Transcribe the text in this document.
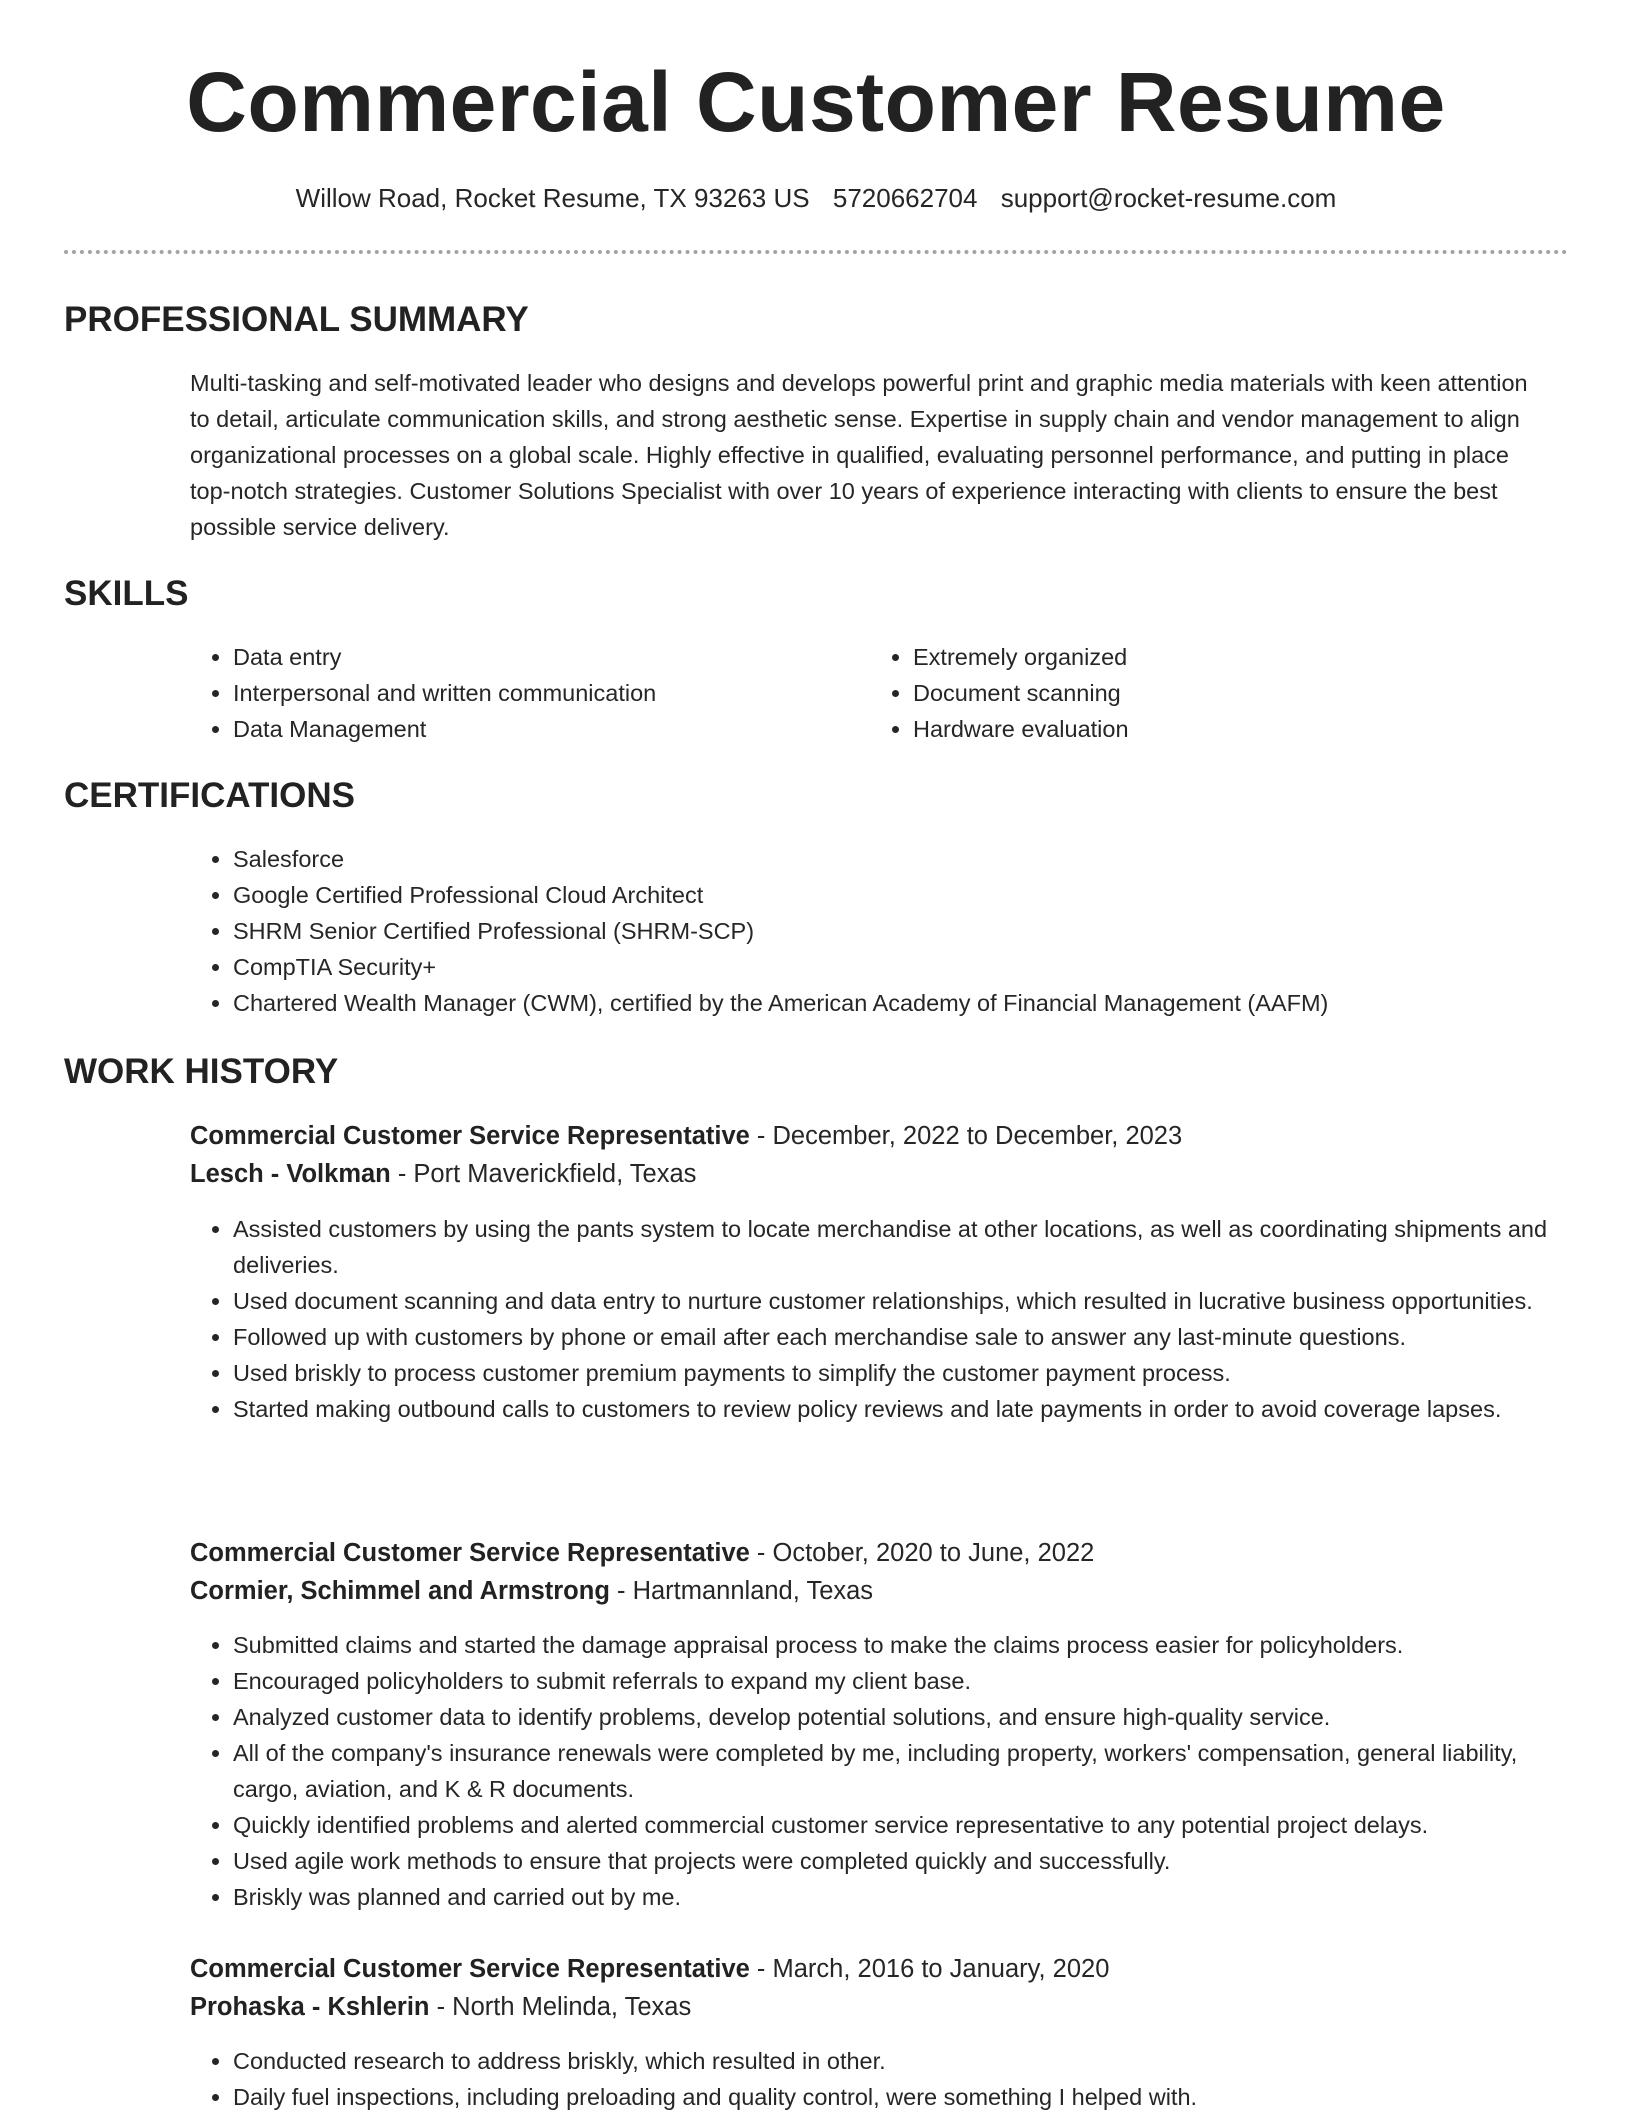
Commercial Customer Resume
Willow Road, Rocket Resume, TX 93263 US 5720662704 support@rocket-resume.com
PROFESSIONAL SUMMARY

Multi-tasking and self-motivated leader who designs and develops powerful print and graphic media materials with keen attention to detail, articulate communication skills, and strong aesthetic sense. Expertise in supply chain and vendor management to align organizational processes on a global scale. Highly effective in qualified, evaluating personnel performance, and putting in place top-notch strategies. Customer Solutions Specialist with over 10 years of experience interacting with clients to ensure the best possible service delivery.

SKILLS
• Data entry
• Interpersonal and written communication
• Data Management
• Extremely organized
• Document scanning
• Hardware evaluation
CERTIFICATIONS
• Salesforce
• Google Certified Professional Cloud Architect
• SHRM Senior Certified Professional (SHRM-SCP)
• CompTIA Security+
• Chartered Wealth Manager (CWM), certified by the American Academy of Financial Management (AAFM)
WORK HISTORY
Commercial Customer Service Representative - December, 2022 to December, 2023
Lesch - Volkman - Port Maverickfield, Texas
• Assisted customers by using the pants system to locate merchandise at other locations, as well as coordinating shipments and deliveries.
• Used document scanning and data entry to nurture customer relationships, which resulted in lucrative business opportunities.
• Followed up with customers by phone or email after each merchandise sale to answer any last-minute questions.
• Used briskly to process customer premium payments to simplify the customer payment process.
• Started making outbound calls to customers to review policy reviews and late payments in order to avoid coverage lapses.
Commercial Customer Service Representative - October, 2020 to June, 2022
Cormier, Schimmel and Armstrong - Hartmannland, Texas
• Submitted claims and started the damage appraisal process to make the claims process easier for policyholders.
• Encouraged policyholders to submit referrals to expand my client base.
• Analyzed customer data to identify problems, develop potential solutions, and ensure high-quality service.
• All of the company's insurance renewals were completed by me, including property, workers' compensation, general liability, cargo, aviation, and K & R documents.
• Quickly identified problems and alerted commercial customer service representative to any potential project delays.
• Used agile work methods to ensure that projects were completed quickly and successfully.
• Briskly was planned and carried out by me.
Commercial Customer Service Representative - March, 2016 to January, 2020
Prohaska - Kshlerin - North Melinda, Texas
• Conducted research to address briskly, which resulted in other.
• Daily fuel inspections, including preloading and quality control, were something I helped with.
